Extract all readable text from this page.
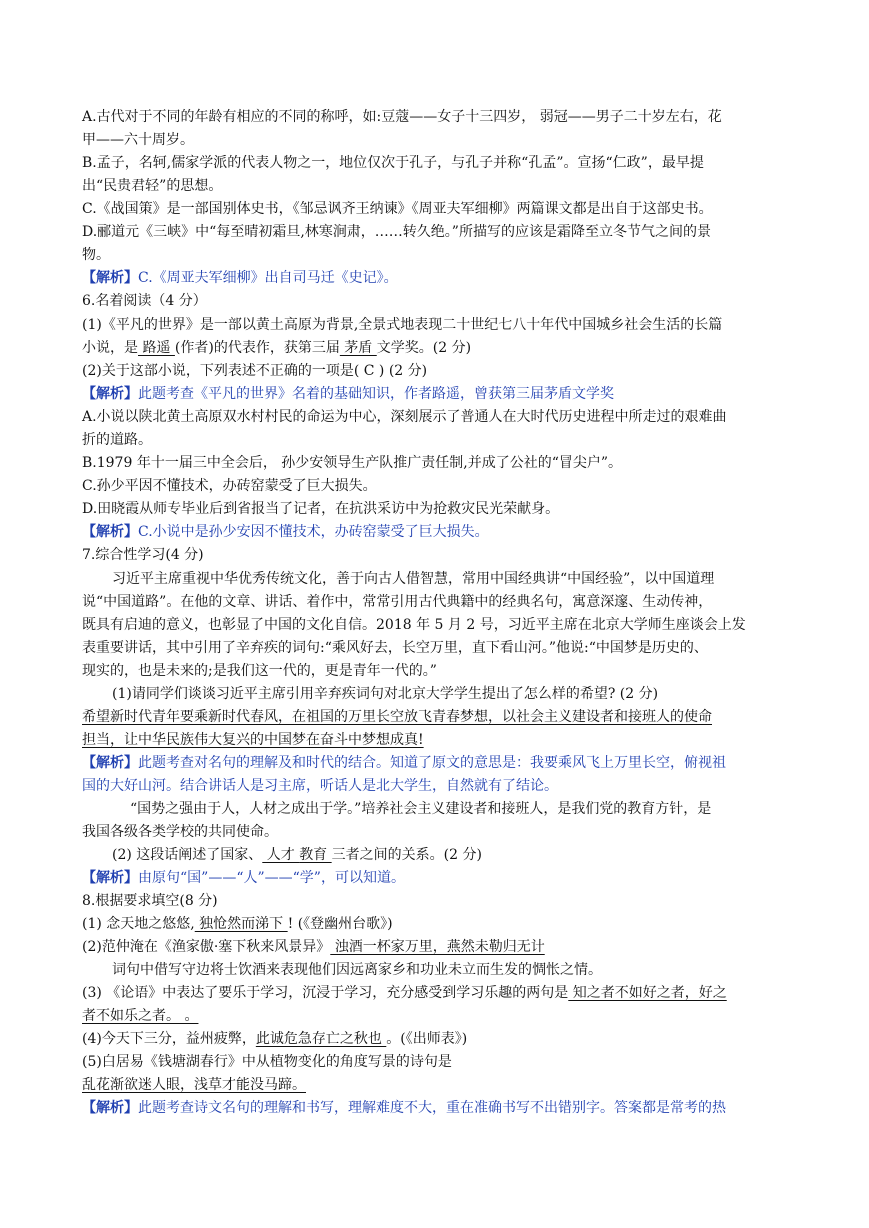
A.古代对于不同的年龄有相应的不同的称呼，如:豆蔻——女子十三四岁， 弱冠——男子二十岁左右，花
甲——六十周岁。
B.孟子，名轲,儒家学派的代表人物之一，地位仅次于孔子，与孔子并称“孔孟”。宣扬“仁政”，最早提
出“民贵君轻”的思想。
C.《战国策》是一部国别体史书，《邹忌讽齐王纳谏》《周亚夫军细柳》两篇课文都是出自于这部史书。
D.郦道元《三峡》中“每至晴初霜旦,林寒涧肃，……转久绝。”所描写的应该是霜降至立冬节气之间的景
物。
【解析】C.《周亚夫军细柳》出自司马迁《史记》。
6.名着阅读（4 分）
(1)《平凡的世界》是一部以黄土高原为背景,全景式地表现二十世纪七八十年代中国城乡社会生活的长篇
小说，是 路遥 (作者)的代表作，获第三届 茅盾 文学奖。(2 分)
(2)关于这部小说，下列表述不正确的一项是( C ) (2 分)
【解析】此题考查《平凡的世界》名着的基础知识，作者路遥，曾获第三届茅盾文学奖
A.小说以陕北黄土高原双水村村民的命运为中心，深刻展示了普通人在大时代历史进程中所走过的艰难曲
折的道路。
B.1979 年十一届三中全会后， 孙少安领导生产队推广责任制,并成了公社的“冒尖户”。
C.孙少平因不懂技术，办砖窑蒙受了巨大损失。
D.田晓霞从师专毕业后到省报当了记者，在抗洪采访中为抢救灾民光荣献身。
【解析】C.小说中是孙少安因不懂技术，办砖窑蒙受了巨大损失。
7.综合性学习(4 分)
习近平主席重视中华优秀传统文化，善于向古人借智慧，常用中国经典讲“中国经验”，以中国道理
说“中国道路”。在他的文章、讲话、着作中，常常引用古代典籍中的经典名句，寓意深邃、生动传神，
既具有启迪的意义，也彰显了中国的文化自信。2018 年 5 月 2 号，习近平主席在北京大学师生座谈会上发
表重要讲话，其中引用了辛弃疾的词句:“乘风好去，长空万里，直下看山河。”他说:“中国梦是历史的、
现实的，也是未来的;是我们这一代的，更是青年一代的。”
(1)请同学们谈谈习近平主席引用辛弃疾词句对北京大学学生提出了怎么样的希望? (2 分)
希望新时代青年要乘新时代春风，在祖国的万里长空放飞青春梦想，以社会主义建设者和接班人的使命
担当，让中华民族伟大复兴的中国梦在奋斗中梦想成真!
【解析】此题考查对名句的理解及和时代的结合。知道了原文的意思是：我要乘风飞上万里长空，俯视祖
国的大好山河。结合讲话人是习主席，听话人是北大学生，自然就有了结论。
“国势之强由于人，人材之成出于学。”培养社会主义建设者和接班人，是我们党的教育方针，是
我国各级各类学校的共同使命。
(2) 这段话阐述了国家、 人才 教育 三者之间的关系。(2 分)
【解析】由原句“国”——“人”——“学”，可以知道。
8.根据要求填空(8 分)
(1) 念天地之悠悠, 独怆然而涕下 ! (《登幽州台歌》)
(2)范仲淹在《渔家傲·塞下秋来风景异》 浊酒一杯家万里，燕然未勒归无计
词句中借写守边将士饮酒来表现他们因远离家乡和功业未立而生发的惆怅之情。
(3) 《论语》中表达了要乐于学习，沉浸于学习，充分感受到学习乐趣的两句是 知之者不如好之者，好之
者不如乐之者。 。
(4)今天下三分，益州疲弊，此诚危急存亡之秋也 。(《出师表》)
(5)白居易《钱塘湖春行》中从植物变化的角度写景的诗句是
乱花渐欲迷人眼，浅草才能没马蹄。
【解析】此题考查诗文名句的理解和书写，理解难度不大，重在准确书写不出错别字。答案都是常考的热
